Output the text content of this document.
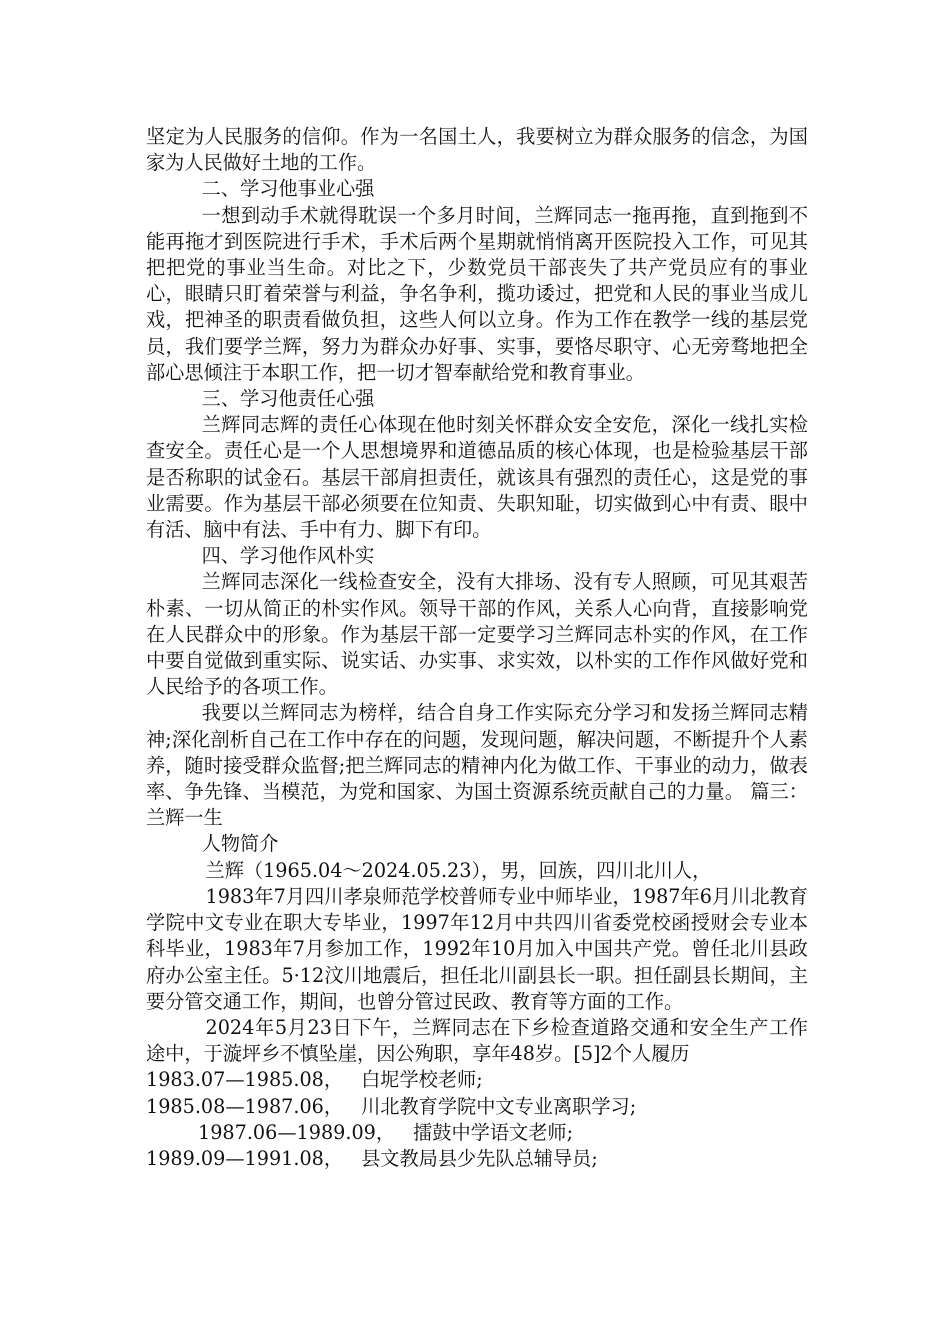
坚定为人民服务的信仰。作为一名国土人，我要树立为群众服务的信念，为国家为人民做好土地的工作。

二、学习他事业心强

一想到动手术就得耽误一个多月时间，兰辉同志一拖再拖，直到拖到不能再拖才到医院进行手术，手术后两个星期就悄悄离开医院投入工作，可见其把把党的事业当生命。对比之下，少数党员干部丧失了共产党员应有的事业心，眼睛只盯着荣誉与利益，争名争利，揽功诿过，把党和人民的事业当成儿戏，把神圣的职责看做负担，这些人何以立身。作为工作在教学一线的基层党员，我们要学兰辉，努力为群众办好事、实事，要恪尽职守、心无旁骛地把全部心思倾注于本职工作，把一切才智奉献给党和教育事业。

三、学习他责任心强

兰辉同志辉的责任心体现在他时刻关怀群众安全安危，深化一线扎实检查安全。责任心是一个人思想境界和道德品质的核心体现，也是检验基层干部是否称职的试金石。基层干部肩担责任，就该具有强烈的责任心，这是党的事业需要。作为基层干部必须要在位知责、失职知耻，切实做到心中有责、眼中有活、脑中有法、手中有力、脚下有印。

四、学习他作风朴实

兰辉同志深化一线检查安全，没有大排场、没有专人照顾，可见其艰苦朴素、一切从简正的朴实作风。领导干部的作风，关系人心向背，直接影响党在人民群众中的形象。作为基层干部一定要学习兰辉同志朴实的作风，在工作中要自觉做到重实际、说实话、办实事、求实效，以朴实的工作作风做好党和人民给予的各项工作。

我要以兰辉同志为榜样，结合自身工作实际充分学习和发扬兰辉同志精神;深化剖析自己在工作中存在的问题，发现问题，解决问题，不断提升个人素养，随时接受群众监督;把兰辉同志的精神内化为做工作、干事业的动力，做表率、争先锋、当模范，为党和国家、为国土资源系统贡献自己的力量。 篇三：兰辉一生

人物简介

兰辉（1965.04～2024.05.23），男，回族，四川北川人，

1983年7月四川孝泉师范学校普师专业中师毕业，1987年6月川北教育学院中文专业在职大专毕业，1997年12月中共四川省委党校函授财会专业本科毕业，1983年7月参加工作，1992年10月加入中国共产党。曾任北川县政府办公室主任。5·12汶川地震后，担任北川副县长一职。担任副县长期间，主要分管交通工作，期间，也曾分管过民政、教育等方面的工作。

2024年5月23日下午，兰辉同志在下乡检查道路交通和安全生产工作途中，于漩坪乡不慎坠崖，因公殉职，享年48岁。[5]2个人履历

1983.07—1985.08， 白坭学校老师;

1985.08—1987.06， 川北教育学院中文专业离职学习;

1987.06—1989.09， 擂鼓中学语文老师;

1989.09—1991.08， 县文教局县少先队总辅导员;
